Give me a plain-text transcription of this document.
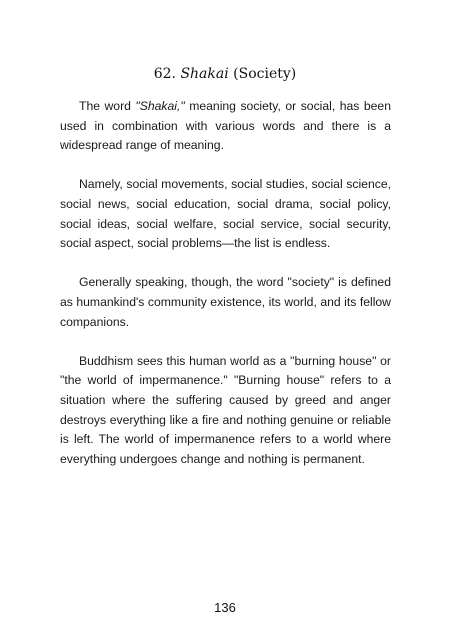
62. Shakai (Society)

The word "Shakai," meaning society, or social, has been used in combination with various words and there is a widespread range of meaning.

Namely, social movements, social studies, social science, social news, social education, social drama, social policy, social ideas, social welfare, social service, social security, social aspect, social problems—the list is endless.

Generally speaking, though, the word "society" is defined as humankind's community existence, its world, and its fellow companions.

Buddhism sees this human world as a "burning house" or "the world of impermanence." "Burning house" refers to a situation where the suffering caused by greed and anger destroys everything like a fire and nothing genuine or reliable is left. The world of impermanence refers to a world where everything undergoes change and nothing is permanent.

136
